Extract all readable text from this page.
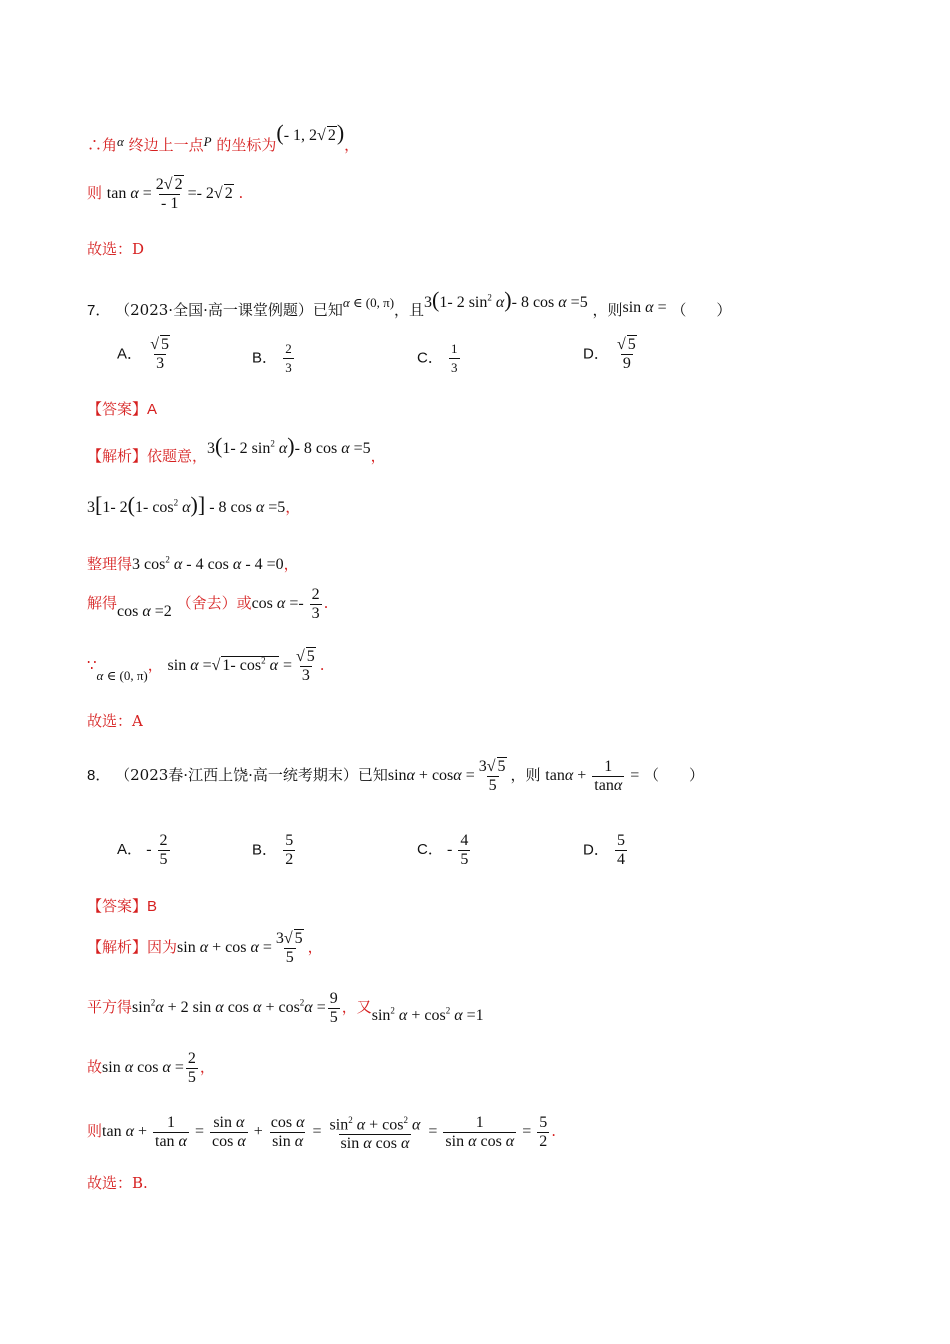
∴角α 终边上一点P 的坐标为(- 1, 2√ 2)，
则 $\tan \alpha = \frac{2√ 2}{- 1} =- 2√$ 2 .
故选：D
7． （2023·全国·高一课堂例题）已知α ∈ (0, π)，且3(1- 2 $\sin^2 \alpha)-$ 8 cos α =5 ，则sin α = （　　）
A． $\frac{√ 5}{3}$	B． $\frac{2}{3}$	C． $\frac{1}{3}$	D． $\frac{√ 5}{9}$
【答案】A
【解析】依题意，3(1- 2 $\sin^2 \alpha)-$ 8 cos α =5，
3[1- 2(1- $\cos^2 \alpha)] - 8$ cos α =5，
整理得3 $\cos^2 \alpha - 4$ cos α - 4 =0，
解得cos α =2 （舍去）或$\cos \alpha =- \frac{2}{3}$ .
∵α ∈ (0, π)， sin α =√ 1- $\cos^2 \alpha = \frac{√ 5}{3}$ .
故选：A
8． （2023春·江西上饶·高一统考期末）已知$\sin\alpha + \cos\alpha = \frac{3√ 5}{5}$ ，则 $\tan\alpha + \frac{1}{\tan\alpha}$ = （　　）
A． - $\frac{2}{5}$	B． $\frac{5}{2}$	C． - $\frac{4}{5}$	D． $\frac{5}{4}$
【答案】B
【解析】因为$\sin \alpha + \cos \alpha = \frac{3√ 5}{5}$ ，
平方得$\sin^2\alpha + 2$ sin α $\cos \alpha + \cos^2\alpha = \frac{9}{5}$ ，又$\sin^2 \alpha + \cos^2 \alpha =1$
故sin α $\cos \alpha = \frac{2}{5}$ ，
则$\tan \alpha + \frac{1}{\text{tan α}} = \frac{\text{sin α}}{\text{cos α}} + \frac{\text{cos α}}{\text{sin α}} = \frac{\sin^2 \alpha + \cos^2 \alpha}{\text{sin α cos α}} = \frac{1}{\text{sin α cos α}} = \frac{5}{2}$ .
故选：B.
